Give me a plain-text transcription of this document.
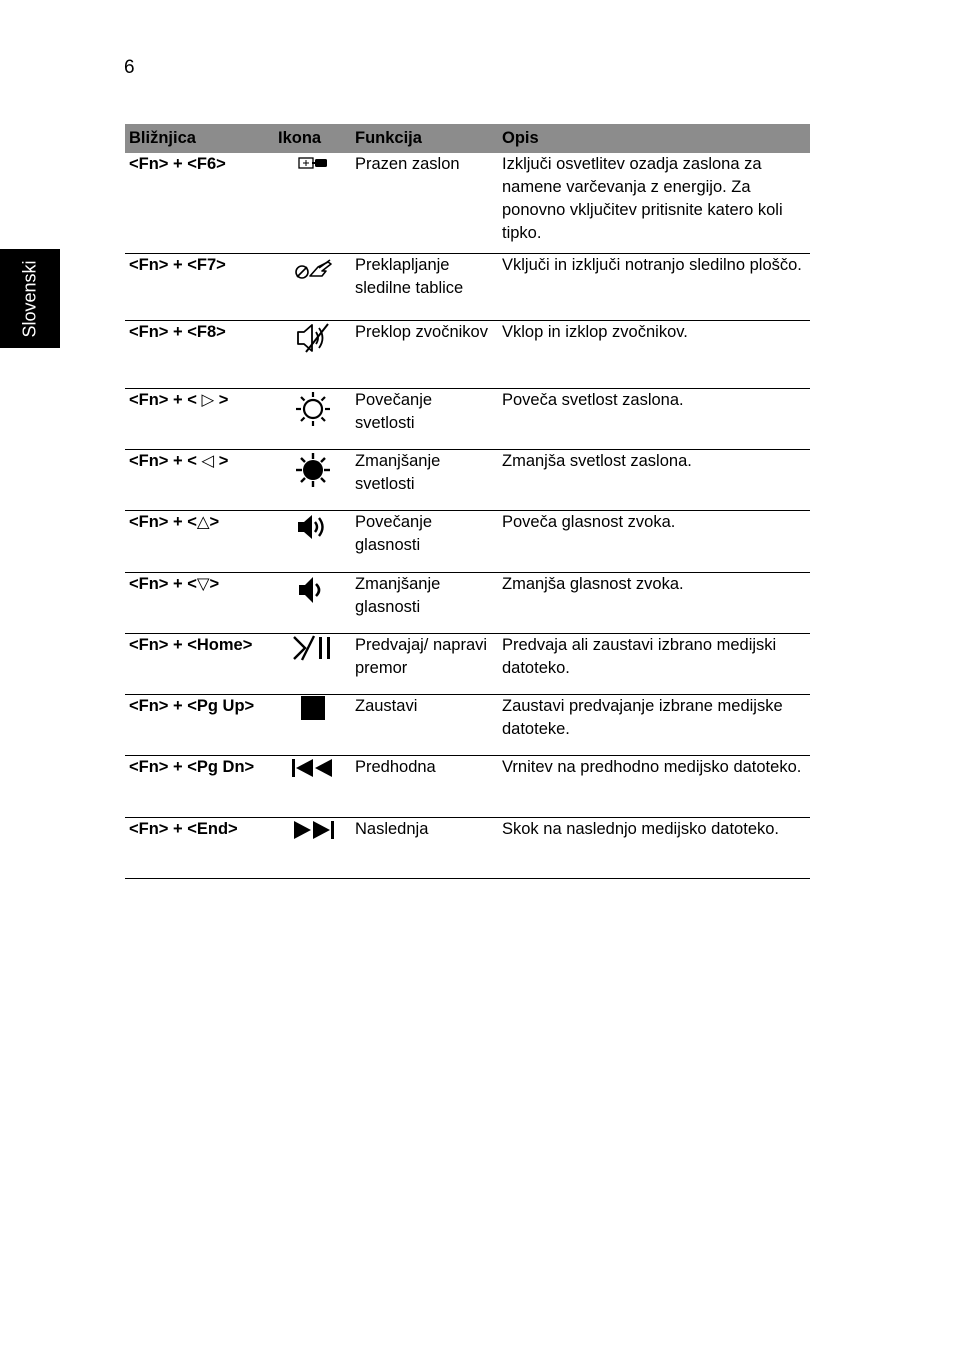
6
Slovenski
Bližnjica	Ikona	Funkcija	Opis
<Fn> + <F6>		Prazen zaslon	Izključi osvetlitev ozadja zaslona za namene varčevanja z energijo. Za ponovno vključitev pritisnite katero koli tipko.
<Fn> + <F7>		Preklapljanje sledilne tablice	Vključi in izključi notranjo sledilno ploščo.
<Fn> + <F8>		Preklop zvočnikov	Vklop in izklop zvočnikov.
<Fn> + < ▷ >		Povečanje svetlosti	Poveča svetlost zaslona.
<Fn> + < ◁ >		Zmanjšanje svetlosti	Zmanjša svetlost zaslona.
<Fn> + <△>		Povečanje glasnosti	Poveča glasnost zvoka.
<Fn> + <▽>		Zmanjšanje glasnosti	Zmanjša glasnost zvoka.
<Fn> + <Home>		Predvajaj/ napravi premor	Predvaja ali zaustavi izbrano medijski datoteko.
<Fn> + <Pg Up>		Zaustavi	Zaustavi predvajanje izbrane medijske datoteke.
<Fn> + <Pg Dn>		Predhodna	Vrnitev na predhodno medijsko datoteko.
<Fn> + <End>		Naslednja	Skok na naslednjo medijsko datoteko.
